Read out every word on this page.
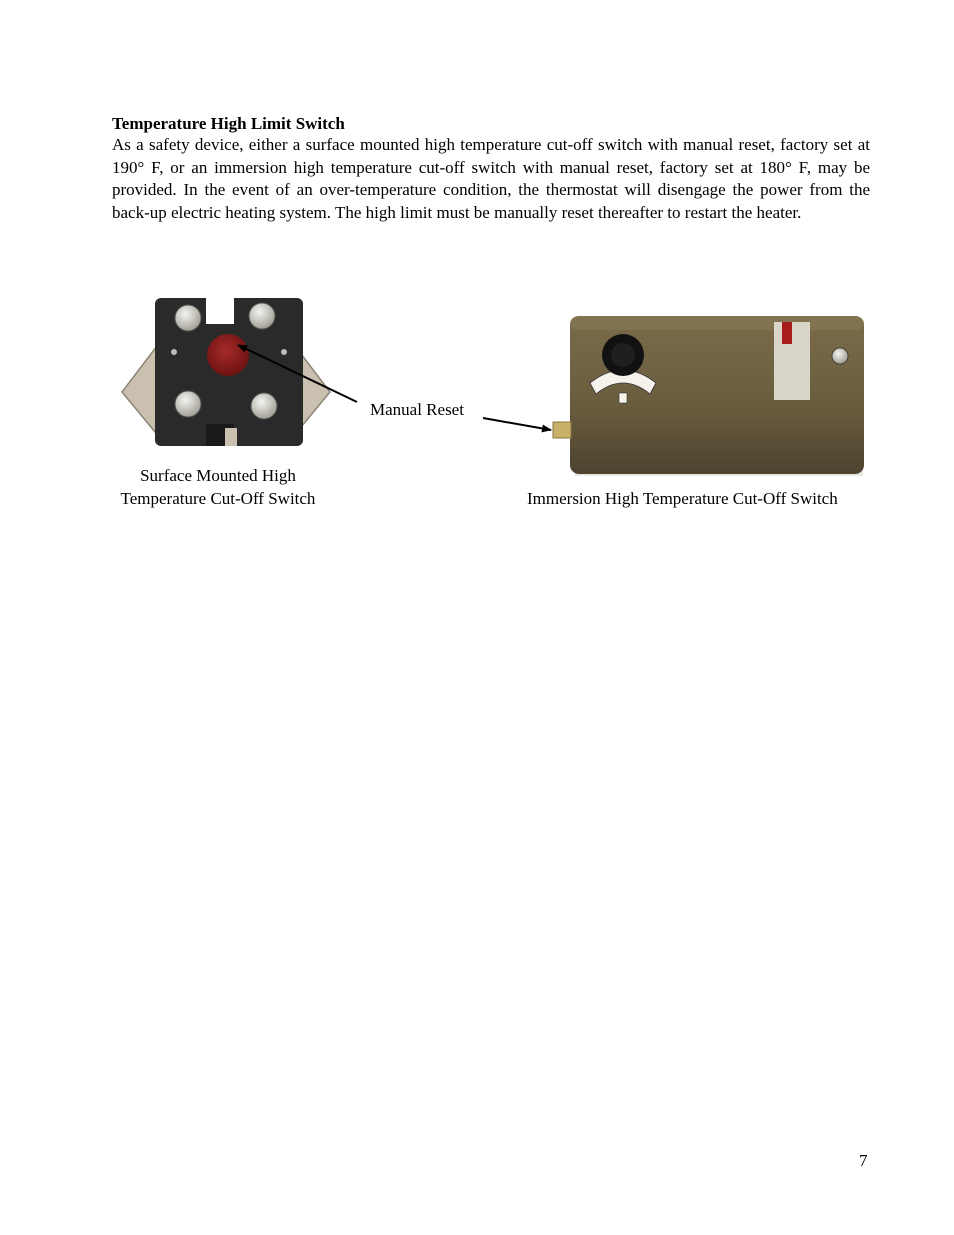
Temperature High Limit Switch

As a safety device, either a surface mounted high temperature cut-off switch with manual reset, factory set at 190° F, or an immersion high temperature cut-off switch with manual reset, factory set at 180° F, may be provided. In the event of an over-temperature condition, the thermostat will disengage the power from the back-up electric heating system. The high limit must be manually reset thereafter to restart the heater.

Manual Reset
Surface Mounted High
Temperature Cut-Off Switch	Immersion High Temperature Cut-Off Switch
7
